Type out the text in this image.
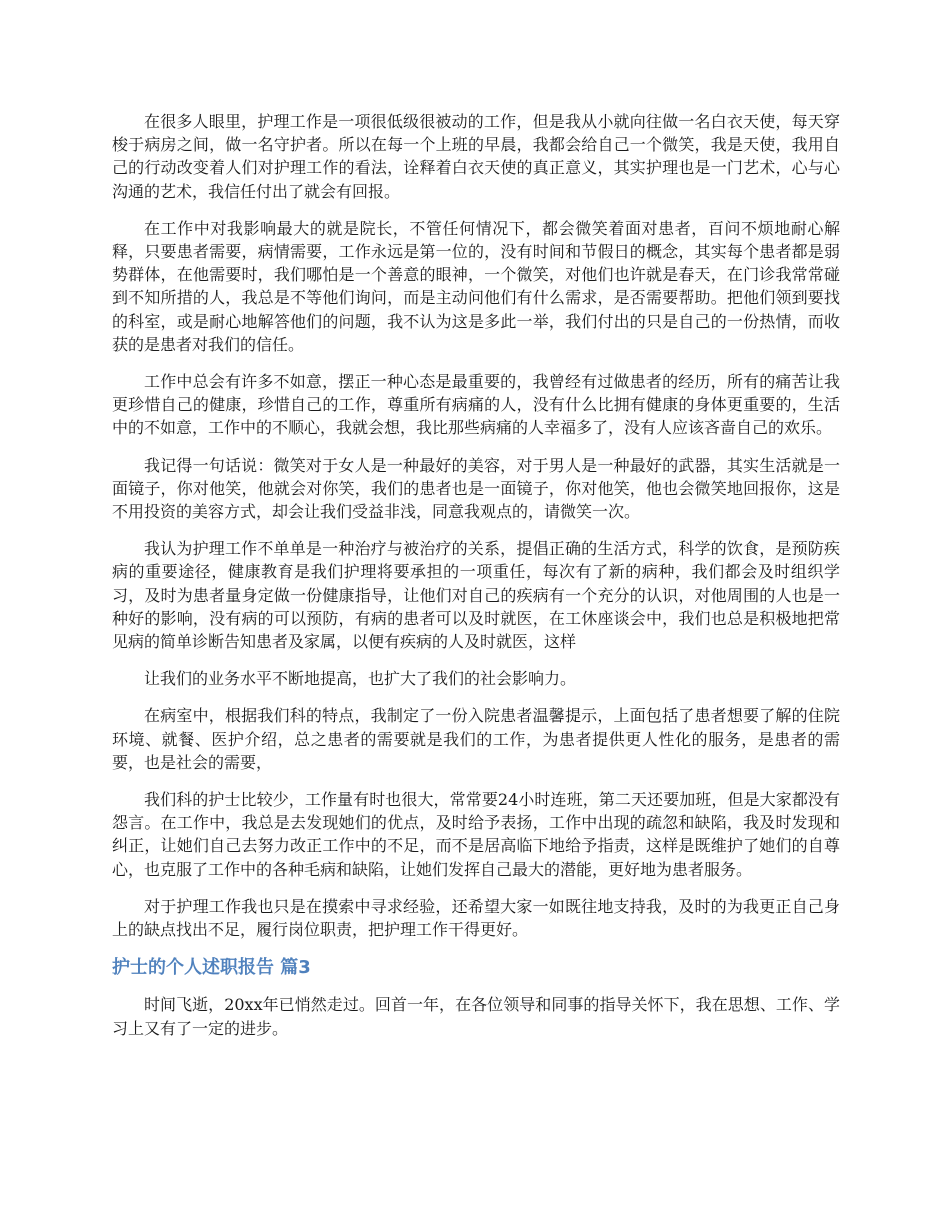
在很多人眼里，护理工作是一项很低级很被动的工作，但是我从小就向往做一名白衣天使，每天穿梭于病房之间，做一名守护者。所以在每一个上班的早晨，我都会给自己一个微笑，我是天使，我用自己的行动改变着人们对护理工作的看法，诠释着白衣天使的真正意义，其实护理也是一门艺术，心与心沟通的艺术，我信任付出了就会有回报。

在工作中对我影响最大的就是院长，不管任何情况下，都会微笑着面对患者，百问不烦地耐心解释，只要患者需要，病情需要，工作永远是第一位的，没有时间和节假日的概念，其实每个患者都是弱势群体，在他需要时，我们哪怕是一个善意的眼神，一个微笑，对他们也许就是春天，在门诊我常常碰到不知所措的人，我总是不等他们询问，而是主动问他们有什么需求，是否需要帮助。把他们领到要找的科室，或是耐心地解答他们的问题，我不认为这是多此一举，我们付出的只是自己的一份热情，而收获的是患者对我们的信任。

工作中总会有许多不如意，摆正一种心态是最重要的，我曾经有过做患者的经历，所有的痛苦让我更珍惜自己的健康，珍惜自己的工作，尊重所有病痛的人，没有什么比拥有健康的身体更重要的，生活中的不如意，工作中的不顺心，我就会想，我比那些病痛的人幸福多了，没有人应该吝啬自己的欢乐。

我记得一句话说：微笑对于女人是一种最好的美容，对于男人是一种最好的武器，其实生活就是一面镜子，你对他笑，他就会对你笑，我们的患者也是一面镜子，你对他笑，他也会微笑地回报你，这是不用投资的美容方式，却会让我们受益非浅，同意我观点的，请微笑一次。

我认为护理工作不单单是一种治疗与被治疗的关系，提倡正确的生活方式，科学的饮食，是预防疾病的重要途径，健康教育是我们护理将要承担的一项重任，每次有了新的病种，我们都会及时组织学习，及时为患者量身定做一份健康指导，让他们对自己的疾病有一个充分的认识，对他周围的人也是一种好的影响，没有病的可以预防，有病的患者可以及时就医，在工休座谈会中，我们也总是积极地把常见病的简单诊断告知患者及家属，以便有疾病的人及时就医，这样

让我们的业务水平不断地提高，也扩大了我们的社会影响力。

在病室中，根据我们科的特点，我制定了一份入院患者温馨提示，上面包括了患者想要了解的住院环境、就餐、医护介绍，总之患者的需要就是我们的工作，为患者提供更人性化的服务，是患者的需要，也是社会的需要，

我们科的护士比较少，工作量有时也很大，常常要24小时连班，第二天还要加班，但是大家都没有怨言。在工作中，我总是去发现她们的优点，及时给予表扬，工作中出现的疏忽和缺陷，我及时发现和纠正，让她们自己去努力改正工作中的不足，而不是居高临下地给予指责，这样是既维护了她们的自尊心，也克服了工作中的各种毛病和缺陷，让她们发挥自己最大的潜能，更好地为患者服务。

对于护理工作我也只是在摸索中寻求经验，还希望大家一如既往地支持我，及时的为我更正自己身上的缺点找出不足，履行岗位职责，把护理工作干得更好。

护士的个人述职报告 篇3

时间飞逝，20xx年已悄然走过。回首一年，在各位领导和同事的指导关怀下，我在思想、工作、学习上又有了一定的进步。
